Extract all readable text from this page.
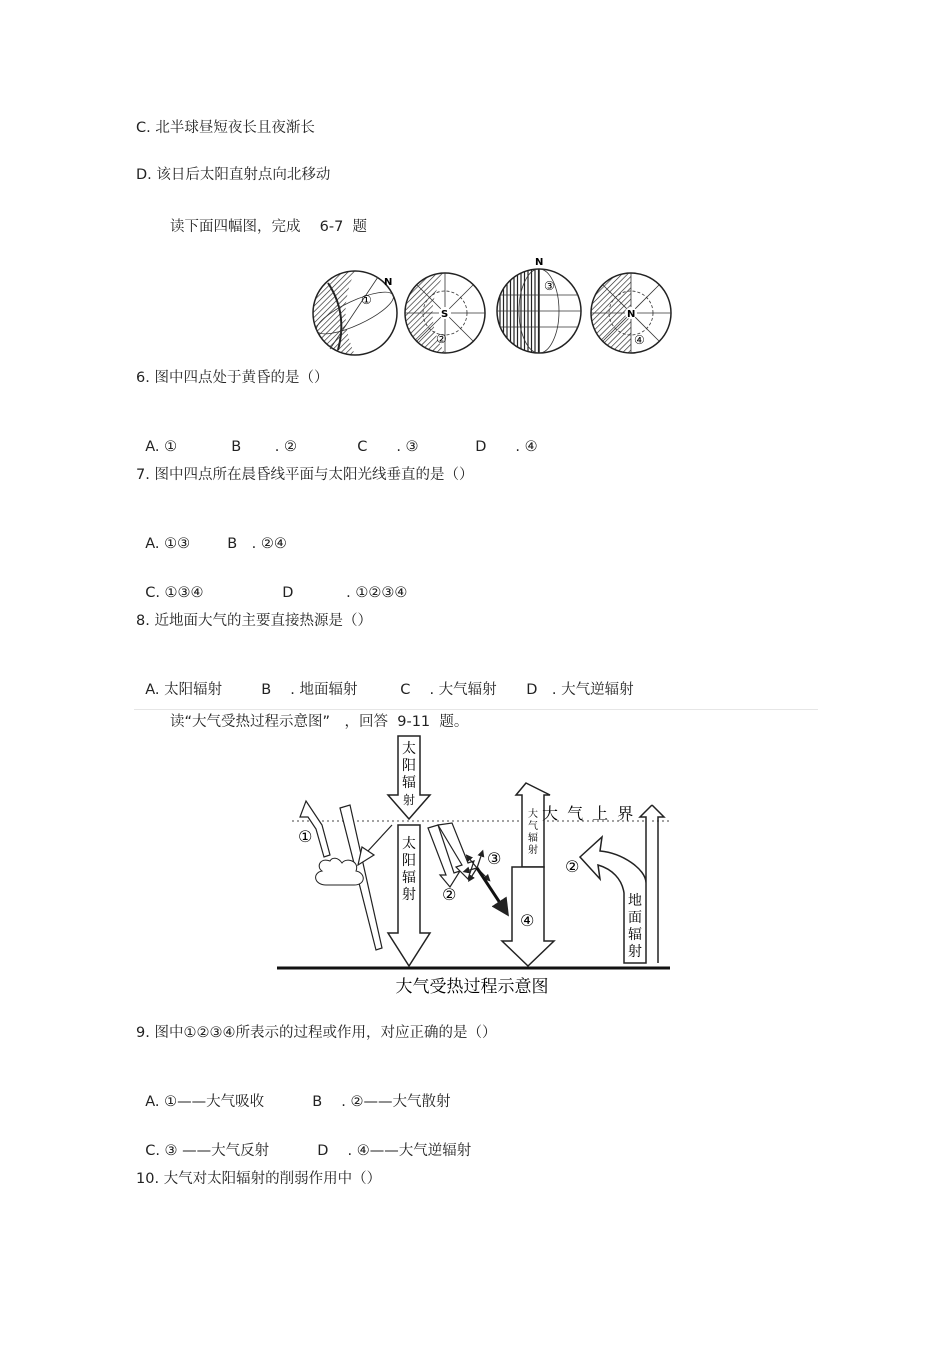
C. 北半球昼短夜长且夜渐长
D. 该日后太阳直射点向北移动
读下面四幅图，完成　 6-7  题
N
①
S
②
N
③
N
④
6. 图中四点处于黄昏的是（）

A. ①	B　　 . ②	C　　. ③	D　　. ④

7. 图中四点所在晨昏线平面与太阳光线垂直的是（）

A. ①③	B　. ②④

C. ①③④	D　　　  . ①②③④

8. 近地面大气的主要直接热源是（）

A. 太阳辐射	B　 . 地面辐射	C　 . 大气辐射 D　. 大气逆辐射

读“大气受热过程示意图”　，回答  9-11  题。
太
阳
辐
射
太
阳
辐
射
①
②
③
大
气
辐
射
④
大 气 上 界
地
面
辐
射
②
大气受热过程示意图
9. 图中①②③④所表示的过程或作用，对应正确的是（）

A. ①——大气吸收	B　 . ②——大气散射

C. ③ ——大气反射	D　 . ④——大气逆辐射

10. 大气对太阳辐射的削弱作用中（）
